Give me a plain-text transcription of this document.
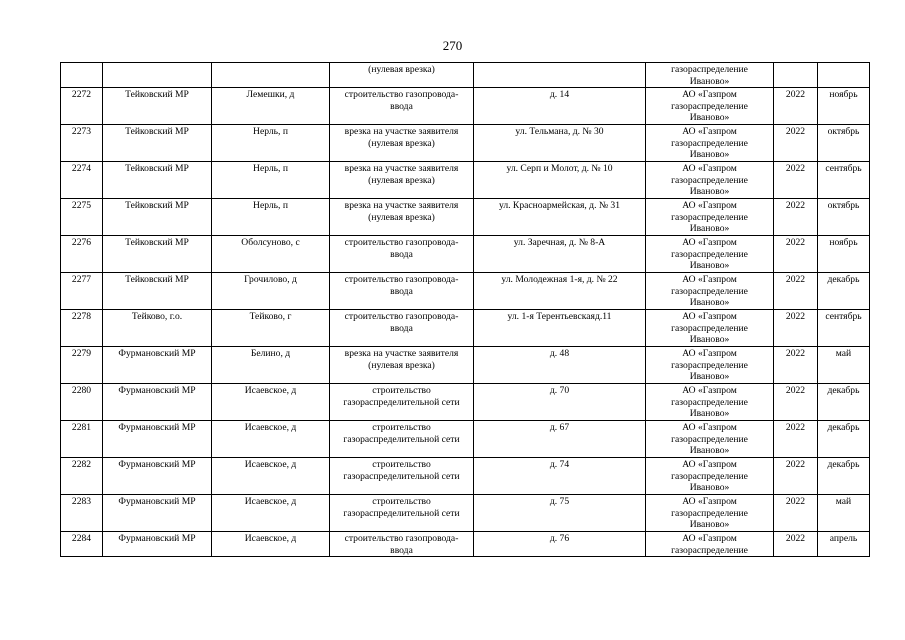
270
			(нулевая врезка)		газораспределение
Иваново»		
2272	Тейковский МР	Лемешки, д	строительство газопровода-
ввода	д. 14	АО «Газпром
газораспределение
Иваново»	2022	ноябрь
2273	Тейковский МР	Нерль, п	врезка на участке заявителя
(нулевая врезка)	ул. Тельмана, д. № 30	АО «Газпром
газораспределение
Иваново»	2022	октябрь
2274	Тейковский МР	Нерль, п	врезка на участке заявителя
(нулевая врезка)	ул. Серп и Молот, д. № 10	АО «Газпром
газораспределение
Иваново»	2022	сентябрь
2275	Тейковский МР	Нерль, п	врезка на участке заявителя
(нулевая врезка)	ул. Красноармейская, д. № 31	АО «Газпром
газораспределение
Иваново»	2022	октябрь
2276	Тейковский МР	Оболсуново, с	строительство газопровода-
ввода	ул. Заречная, д. № 8-А	АО «Газпром
газораспределение
Иваново»	2022	ноябрь
2277	Тейковский МР	Грочилово, д	строительство газопровода-
ввода	ул. Молодежная 1-я, д. № 22	АО «Газпром
газораспределение
Иваново»	2022	декабрь
2278	Тейково, г.о.	Тейково, г	строительство газопровода-
ввода	ул. 1-я Терентьевскаяд.11	АО «Газпром
газораспределение
Иваново»	2022	сентябрь
2279	Фурмановский МР	Белино, д	врезка на участке заявителя
(нулевая врезка)	д. 48	АО «Газпром
газораспределение
Иваново»	2022	май
2280	Фурмановский МР	Исаевское, д	строительство
газораспределительной сети	д. 70	АО «Газпром
газораспределение
Иваново»	2022	декабрь
2281	Фурмановский МР	Исаевское, д	строительство
газораспределительной сети	д. 67	АО «Газпром
газораспределение
Иваново»	2022	декабрь
2282	Фурмановский МР	Исаевское, д	строительство
газораспределительной сети	д. 74	АО «Газпром
газораспределение
Иваново»	2022	декабрь
2283	Фурмановский МР	Исаевское, д	строительство
газораспределительной сети	д. 75	АО «Газпром
газораспределение
Иваново»	2022	май
2284	Фурмановский МР	Исаевское, д	строительство газопровода-
ввода	д. 76	АО «Газпром
газораспределение	2022	апрель
